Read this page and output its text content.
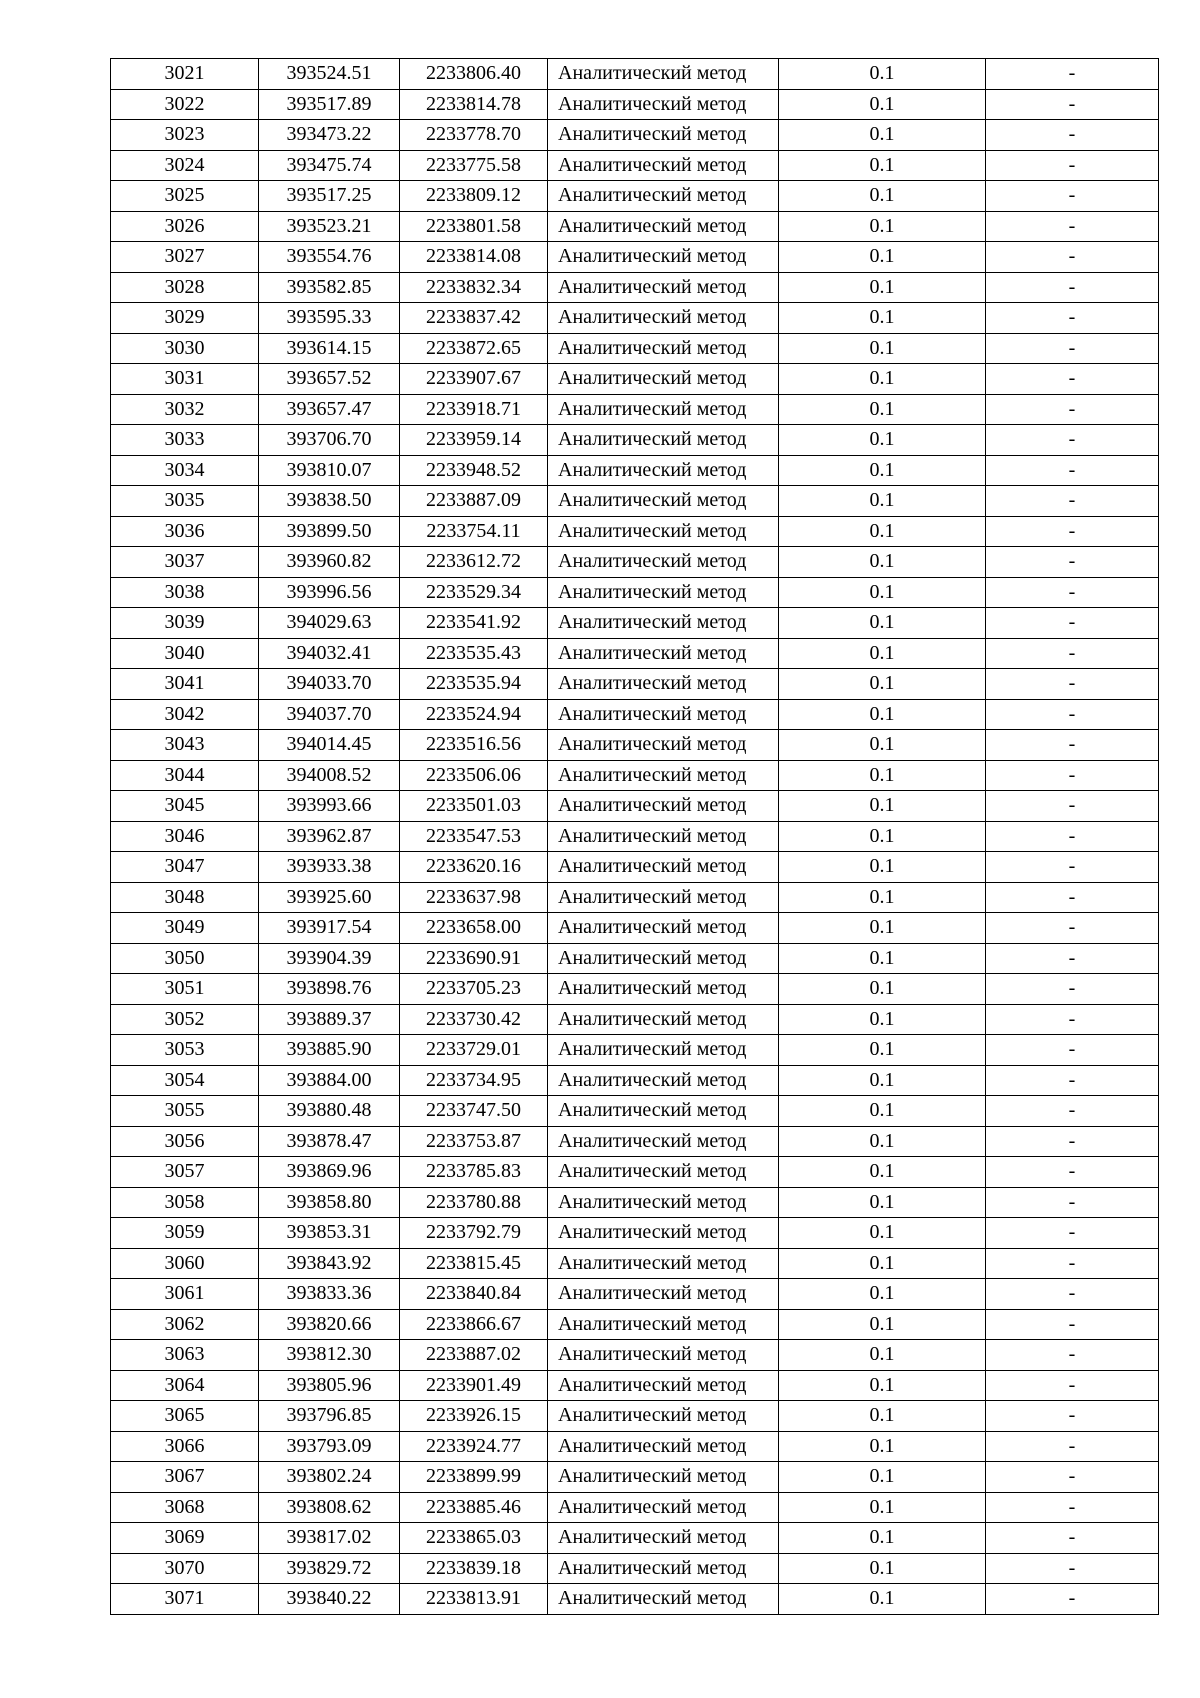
3021	393524.51	2233806.40	Аналитический метод	0.1	-
3022	393517.89	2233814.78	Аналитический метод	0.1	-
3023	393473.22	2233778.70	Аналитический метод	0.1	-
3024	393475.74	2233775.58	Аналитический метод	0.1	-
3025	393517.25	2233809.12	Аналитический метод	0.1	-
3026	393523.21	2233801.58	Аналитический метод	0.1	-
3027	393554.76	2233814.08	Аналитический метод	0.1	-
3028	393582.85	2233832.34	Аналитический метод	0.1	-
3029	393595.33	2233837.42	Аналитический метод	0.1	-
3030	393614.15	2233872.65	Аналитический метод	0.1	-
3031	393657.52	2233907.67	Аналитический метод	0.1	-
3032	393657.47	2233918.71	Аналитический метод	0.1	-
3033	393706.70	2233959.14	Аналитический метод	0.1	-
3034	393810.07	2233948.52	Аналитический метод	0.1	-
3035	393838.50	2233887.09	Аналитический метод	0.1	-
3036	393899.50	2233754.11	Аналитический метод	0.1	-
3037	393960.82	2233612.72	Аналитический метод	0.1	-
3038	393996.56	2233529.34	Аналитический метод	0.1	-
3039	394029.63	2233541.92	Аналитический метод	0.1	-
3040	394032.41	2233535.43	Аналитический метод	0.1	-
3041	394033.70	2233535.94	Аналитический метод	0.1	-
3042	394037.70	2233524.94	Аналитический метод	0.1	-
3043	394014.45	2233516.56	Аналитический метод	0.1	-
3044	394008.52	2233506.06	Аналитический метод	0.1	-
3045	393993.66	2233501.03	Аналитический метод	0.1	-
3046	393962.87	2233547.53	Аналитический метод	0.1	-
3047	393933.38	2233620.16	Аналитический метод	0.1	-
3048	393925.60	2233637.98	Аналитический метод	0.1	-
3049	393917.54	2233658.00	Аналитический метод	0.1	-
3050	393904.39	2233690.91	Аналитический метод	0.1	-
3051	393898.76	2233705.23	Аналитический метод	0.1	-
3052	393889.37	2233730.42	Аналитический метод	0.1	-
3053	393885.90	2233729.01	Аналитический метод	0.1	-
3054	393884.00	2233734.95	Аналитический метод	0.1	-
3055	393880.48	2233747.50	Аналитический метод	0.1	-
3056	393878.47	2233753.87	Аналитический метод	0.1	-
3057	393869.96	2233785.83	Аналитический метод	0.1	-
3058	393858.80	2233780.88	Аналитический метод	0.1	-
3059	393853.31	2233792.79	Аналитический метод	0.1	-
3060	393843.92	2233815.45	Аналитический метод	0.1	-
3061	393833.36	2233840.84	Аналитический метод	0.1	-
3062	393820.66	2233866.67	Аналитический метод	0.1	-
3063	393812.30	2233887.02	Аналитический метод	0.1	-
3064	393805.96	2233901.49	Аналитический метод	0.1	-
3065	393796.85	2233926.15	Аналитический метод	0.1	-
3066	393793.09	2233924.77	Аналитический метод	0.1	-
3067	393802.24	2233899.99	Аналитический метод	0.1	-
3068	393808.62	2233885.46	Аналитический метод	0.1	-
3069	393817.02	2233865.03	Аналитический метод	0.1	-
3070	393829.72	2233839.18	Аналитический метод	0.1	-
3071	393840.22	2233813.91	Аналитический метод	0.1	-
